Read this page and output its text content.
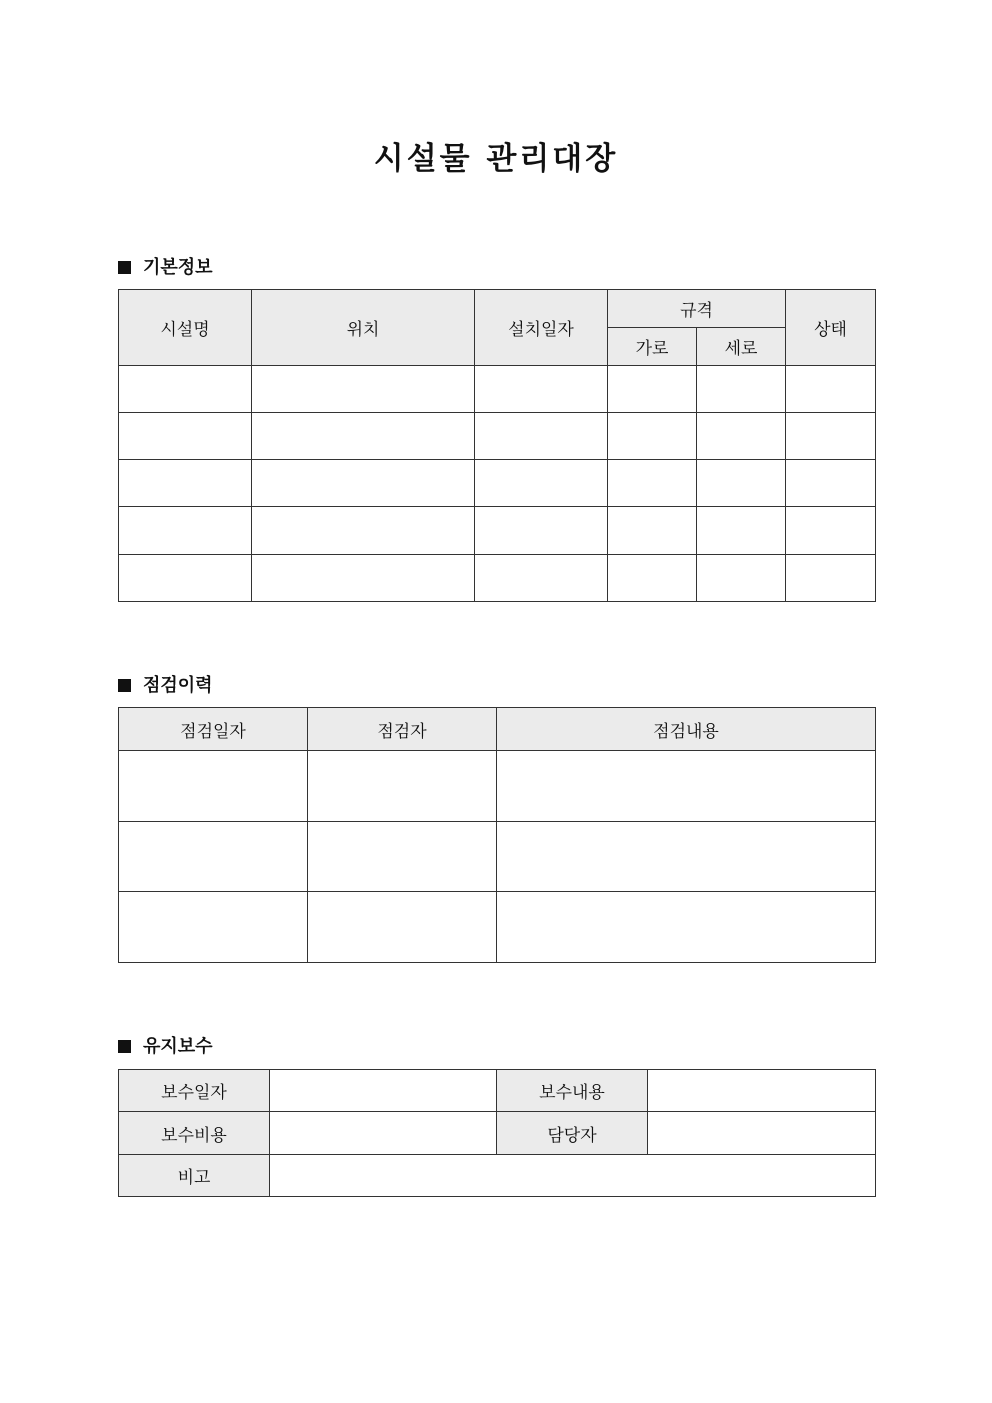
시설물 관리대장
기본정보
시설명	위치	설치일자	규격		상태
			가로	세로	

점검이력
점검일자	점검자	점검내용

유지보수
보수일자		보수내용	
보수비용		담당자	
비고			
